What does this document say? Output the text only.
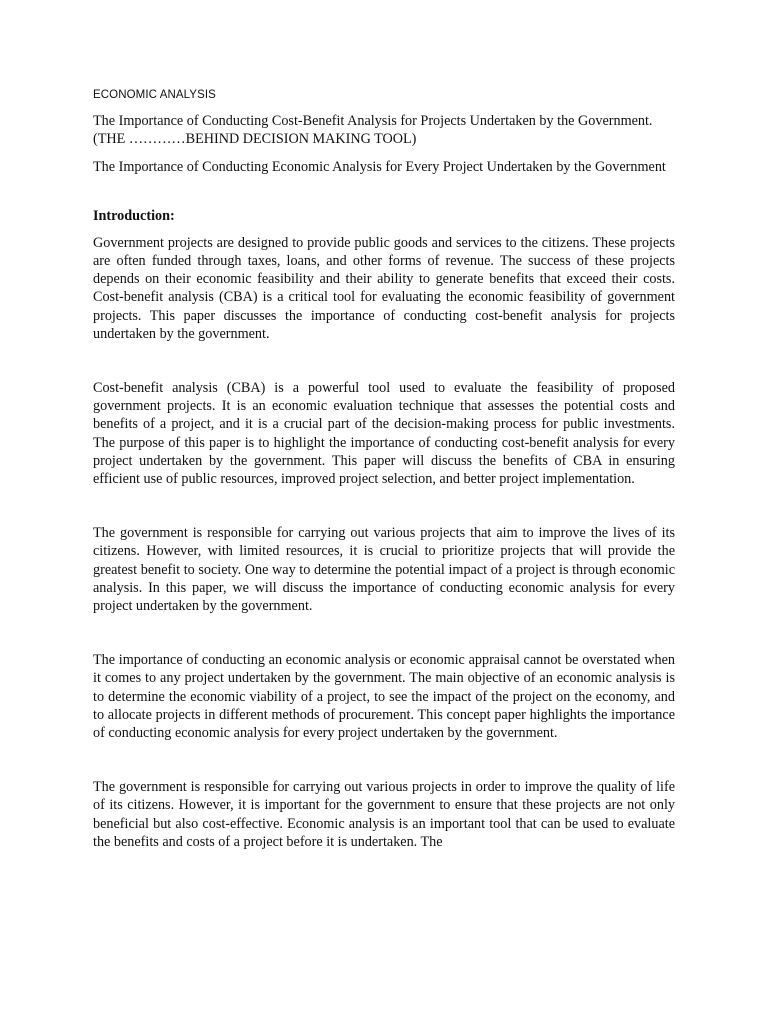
ECONOMIC ANALYSIS

The Importance of Conducting Cost-Benefit Analysis for Projects Undertaken by the Government. (THE …………BEHIND DECISION MAKING TOOL)

The Importance of Conducting Economic Analysis for Every Project Undertaken by the Government

Introduction:

Government projects are designed to provide public goods and services to the citizens. These projects are often funded through taxes, loans, and other forms of revenue. The success of these projects depends on their economic feasibility and their ability to generate benefits that exceed their costs. Cost-benefit analysis (CBA) is a critical tool for evaluating the economic feasibility of government projects. This paper discusses the importance of conducting cost-benefit analysis for projects undertaken by the government.

Cost-benefit analysis (CBA) is a powerful tool used to evaluate the feasibility of proposed government projects. It is an economic evaluation technique that assesses the potential costs and benefits of a project, and it is a crucial part of the decision-making process for public investments. The purpose of this paper is to highlight the importance of conducting cost-benefit analysis for every project undertaken by the government. This paper will discuss the benefits of CBA in ensuring efficient use of public resources, improved project selection, and better project implementation.

The government is responsible for carrying out various projects that aim to improve the lives of its citizens. However, with limited resources, it is crucial to prioritize projects that will provide the greatest benefit to society. One way to determine the potential impact of a project is through economic analysis. In this paper, we will discuss the importance of conducting economic analysis for every project undertaken by the government.

The importance of conducting an economic analysis or economic appraisal cannot be overstated when it comes to any project undertaken by the government. The main objective of an economic analysis is to determine the economic viability of a project, to see the impact of the project on the economy, and to allocate projects in different methods of procurement. This concept paper highlights the importance of conducting economic analysis for every project undertaken by the government.

The government is responsible for carrying out various projects in order to improve the quality of life of its citizens. However, it is important for the government to ensure that these projects are not only beneficial but also cost-effective. Economic analysis is an important tool that can be used to evaluate the benefits and costs of a project before it is undertaken. The
